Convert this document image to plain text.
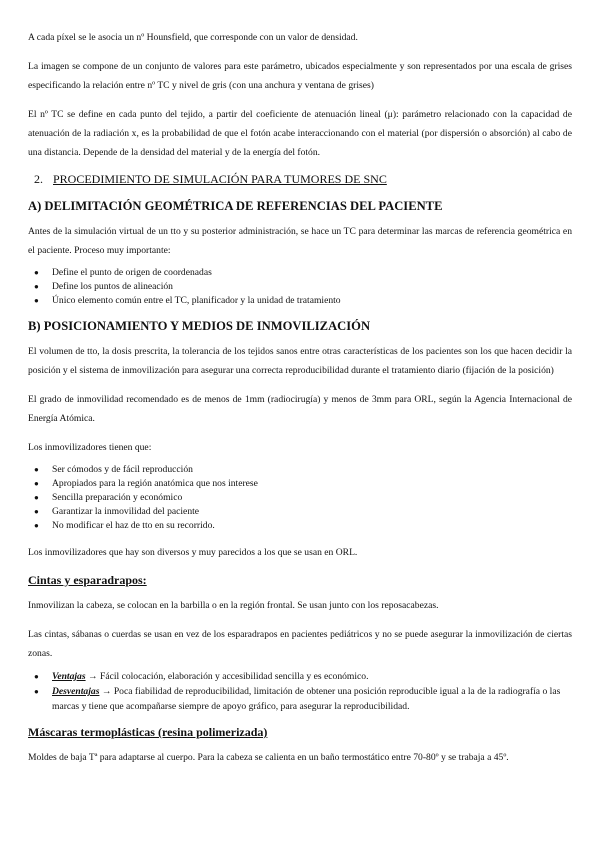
A cada píxel se le asocia un nº Hounsfield, que corresponde con un valor de densidad.

La imagen se compone de un conjunto de valores para este parámetro, ubicados especialmente y son representados por una escala de grises especificando la relación entre nº TC y nivel de gris (con una anchura y ventana de grises)

El nº TC se define en cada punto del tejido, a partir del coeficiente de atenuación lineal (μ): parámetro relacionado con la capacidad de atenuación de la radiación x, es la probabilidad de que el fotón acabe interaccionando con el material (por dispersión o absorción) al cabo de una distancia. Depende de la densidad del material y de la energía del fotón.

2. PROCEDIMIENTO DE SIMULACIÓN PARA TUMORES DE SNC
A) DELIMITACIÓN GEOMÉTRICA DE REFERENCIAS DEL PACIENTE

Antes de la simulación virtual de un tto y su posterior administración, se hace un TC para determinar las marcas de referencia geométrica en el paciente. Proceso muy importante:

● Define el punto de origen de coordenadas
● Define los puntos de alineación
● Único elemento común entre el TC, planificador y la unidad de tratamiento
B) POSICIONAMIENTO Y MEDIOS DE INMOVILIZACIÓN

El volumen de tto, la dosis prescrita, la tolerancia de los tejidos sanos entre otras características de los pacientes son los que hacen decidir la posición y el sistema de inmovilización para asegurar una correcta reproducibilidad durante el tratamiento diario (fijación de la posición)

El grado de inmovilidad recomendado es de menos de 1mm (radiocirugía) y menos de 3mm para ORL, según la Agencia Internacional de Energía Atómica.

Los inmovilizadores tienen que:

● Ser cómodos y de fácil reproducción
● Apropiados para la región anatómica que nos interese
● Sencilla preparación y económico
● Garantizar la inmovilidad del paciente
● No modificar el haz de tto en su recorrido.

Los inmovilizadores que hay son diversos y muy parecidos a los que se usan en ORL.

Cintas y esparadrapos:

Inmovilizan la cabeza, se colocan en la barbilla o en la región frontal. Se usan junto con los reposacabezas.

Las cintas, sábanas o cuerdas se usan en vez de los esparadrapos en pacientes pediátricos y no se puede asegurar la inmovilización de ciertas zonas.

● Ventajas → Fácil colocación, elaboración y accesibilidad sencilla y es económico.
● Desventajas → Poca fiabilidad de reproducibilidad, limitación de obtener una posición reproducible igual a la de la radiografía o las marcas y tiene que acompañarse siempre de apoyo gráfico, para asegurar la reproducibilidad.
Máscaras termoplásticas (resina polimerizada)

Moldes de baja Tª para adaptarse al cuerpo. Para la cabeza se calienta en un baño termostático entre 70-80º y se trabaja a 45º.
